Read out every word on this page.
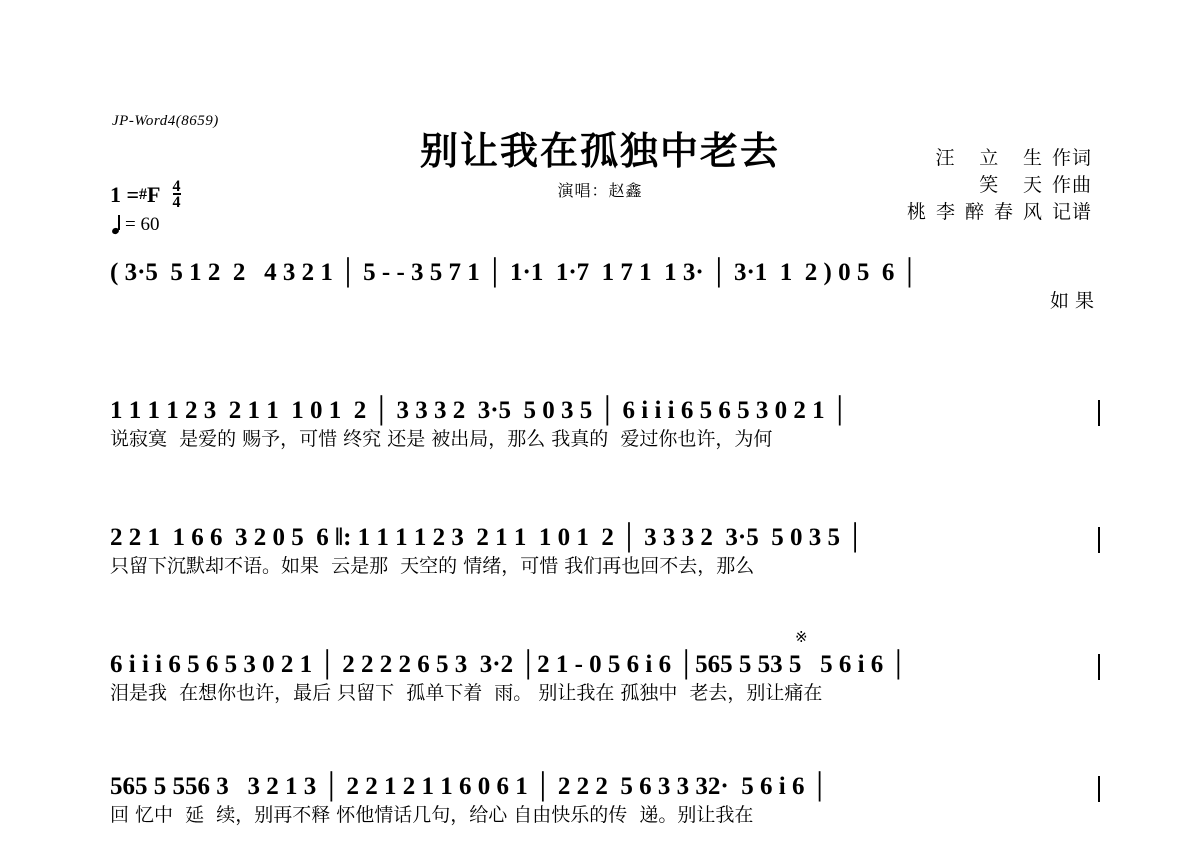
JP-Word4(8659)
别让我在孤独中老去
演唱：赵鑫
汪 立 生作词
笑 天作曲
桃李醉春风记谱
1 = # F $\frac{4}{4}$
= 60
( 3·5  5 1 2  2   4 3 2 1 │ 5 - - 3 5 7 1 │ 1·1  1·7  1 7 1  1 3· │ 3·1  1  2 ) 0 5  6 │
如 果
1 1 1 1 2 3  2 1 1  1 0 1  2 │ 3 3 3 2  3·5  5 0 3 5 │ 6 i i i 6 5 6 5 3 0 2 1 │
说寂寞  是爱的 赐予，可惜 终究 还是 被出局，那么 我真的  爱过你也许，为何
2 2 1  1 6 6  3 2 0 5  6 ‖: 1 1 1 1 2 3  2 1 1  1 0 1  2 │ 3 3 3 2  3·5  5 0 3 5 │
只留下沉默却不语。如果  云是那  天空的 情绪，可惜 我们再也回不去，那么
※
6 i i i 6 5 6 5 3 0 2 1 │ 2 2 2 2 6 5 3  3·2 │2 1 - 0 5 6 i 6 │565 5 53 5   5 6 i 6 │
泪是我  在想你也许，最后 只留下  孤单下着  雨。 别让我在 孤独中  老去，别让痛在
565 5 556 3   3 2 1 3 │ 2 2 1 2 1 1 6 0 6 1 │ 2 2 2  5 6 3 3 32·  5 6 i 6 │
回 忆中  延  续，别再不释 怀他情话几句，给心 自由快乐的传  递。别让我在
